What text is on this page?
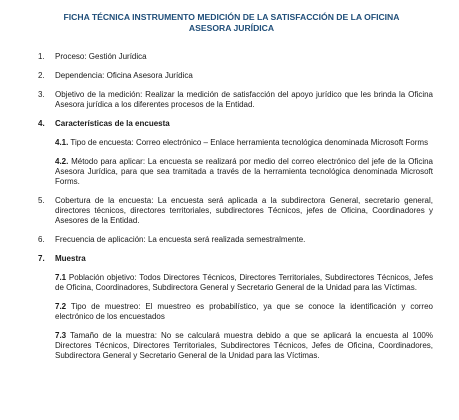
FICHA TÉCNICA INSTRUMENTO MEDICIÓN DE LA SATISFACCIÓN DE LA OFICINA
ASESORA JURÍDICA
1. Proceso: Gestión Jurídica
2. Dependencia: Oficina Asesora Jurídica
3. Objetivo de la medición: Realizar la medición de satisfacción del apoyo jurídico que les brinda la Oficina Asesora jurídica a los diferentes procesos de la Entidad.
4. Características de la encuesta
4.1. Tipo de encuesta: Correo electrónico – Enlace herramienta tecnológica denominada Microsoft Forms
4.2. Método para aplicar: La encuesta se realizará por medio del correo electrónico del jefe de la Oficina Asesora Jurídica, para que sea tramitada a través de la herramienta tecnológica denominada Microsoft Forms.
5. Cobertura de la encuesta: La encuesta será aplicada a la subdirectora General, secretario general, directores técnicos, directores territoriales, subdirectores Técnicos, jefes de Oficina, Coordinadores y Asesores de la Entidad.
6. Frecuencia de aplicación: La encuesta será realizada semestralmente.
7. Muestra
7.1 Población objetivo: Todos Directores Técnicos, Directores Territoriales, Subdirectores Técnicos, Jefes de Oficina, Coordinadores, Subdirectora General y Secretario General de la Unidad para las Víctimas.
7.2 Tipo de muestreo: El muestreo es probabilístico, ya que se conoce la identificación y correo electrónico de los encuestados
7.3 Tamaño de la muestra: No se calculará muestra debido a que se aplicará la encuesta al 100% Directores Técnicos, Directores Territoriales, Subdirectores Técnicos, Jefes de Oficina, Coordinadores, Subdirectora General y Secretario General de la Unidad para las Víctimas.
